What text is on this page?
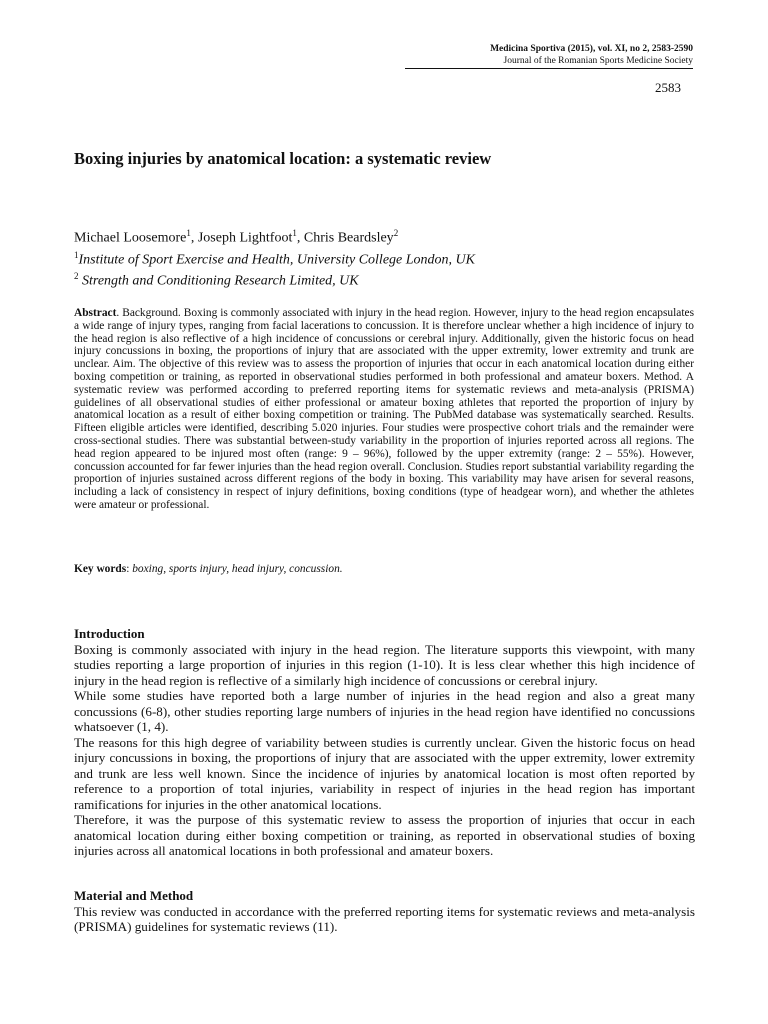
Medicina Sportiva (2015), vol. XI, no 2, 2583-2590
Journal of the Romanian Sports Medicine Society
2583
Boxing injuries by anatomical location: a systematic review
Michael Loosemore$^1$, Joseph Lightfoot$^1$, Chris Beardsley$^2$
$^1$Institute of Sport Exercise and Health, University College London, UK
$^2$ Strength and Conditioning Research Limited, UK
Abstract. Background. Boxing is commonly associated with injury in the head region. However, injury to the head region encapsulates a wide range of injury types, ranging from facial lacerations to concussion. It is therefore unclear whether a high incidence of injury to the head region is also reflective of a high incidence of concussions or cerebral injury. Additionally, given the historic focus on head injury concussions in boxing, the proportions of injury that are associated with the upper extremity, lower extremity and trunk are unclear. Aim. The objective of this review was to assess the proportion of injuries that occur in each anatomical location during either boxing competition or training, as reported in observational studies performed in both professional and amateur boxers. Method. A systematic review was performed according to preferred reporting items for systematic reviews and meta-analysis (PRISMA) guidelines of all observational studies of either professional or amateur boxing athletes that reported the proportion of injury by anatomical location as a result of either boxing competition or training. The PubMed database was systematically searched. Results. Fifteen eligible articles were identified, describing 5.020 injuries. Four studies were prospective cohort trials and the remainder were cross-sectional studies. There was substantial between-study variability in the proportion of injuries reported across all regions. The head region appeared to be injured most often (range: 9 – 96%), followed by the upper extremity (range: 2 – 55%). However, concussion accounted for far fewer injuries than the head region overall. Conclusion. Studies report substantial variability regarding the proportion of injuries sustained across different regions of the body in boxing. This variability may have arisen for several reasons, including a lack of consistency in respect of injury definitions, boxing conditions (type of headgear worn), and whether the athletes were amateur or professional.
Key words: boxing, sports injury, head injury, concussion.
Introduction

Boxing is commonly associated with injury in the head region. The literature supports this viewpoint, with many studies reporting a large proportion of injuries in this region (1-10). It is less clear whether this high incidence of injury in the head region is reflective of a similarly high incidence of concussions or cerebral injury.

While some studies have reported both a large number of injuries in the head region and also a great many concussions (6-8), other studies reporting large numbers of injuries in the head region have identified no concussions whatsoever (1, 4).

The reasons for this high degree of variability between studies is currently unclear. Given the historic focus on head injury concussions in boxing, the proportions of injury that are associated with the upper extremity, lower extremity and trunk are less well known. Since the incidence of injuries by anatomical location is most often reported by reference to a proportion of total injuries, variability in respect of injuries in the head region has important ramifications for injuries in the other anatomical locations.

Therefore, it was the purpose of this systematic review to assess the proportion of injuries that occur in each anatomical location during either boxing competition or training, as reported in observational studies of boxing injuries across all anatomical locations in both professional and amateur boxers.

Material and Method

This review was conducted in accordance with the preferred reporting items for systematic reviews and meta-analysis (PRISMA) guidelines for systematic reviews (11).
